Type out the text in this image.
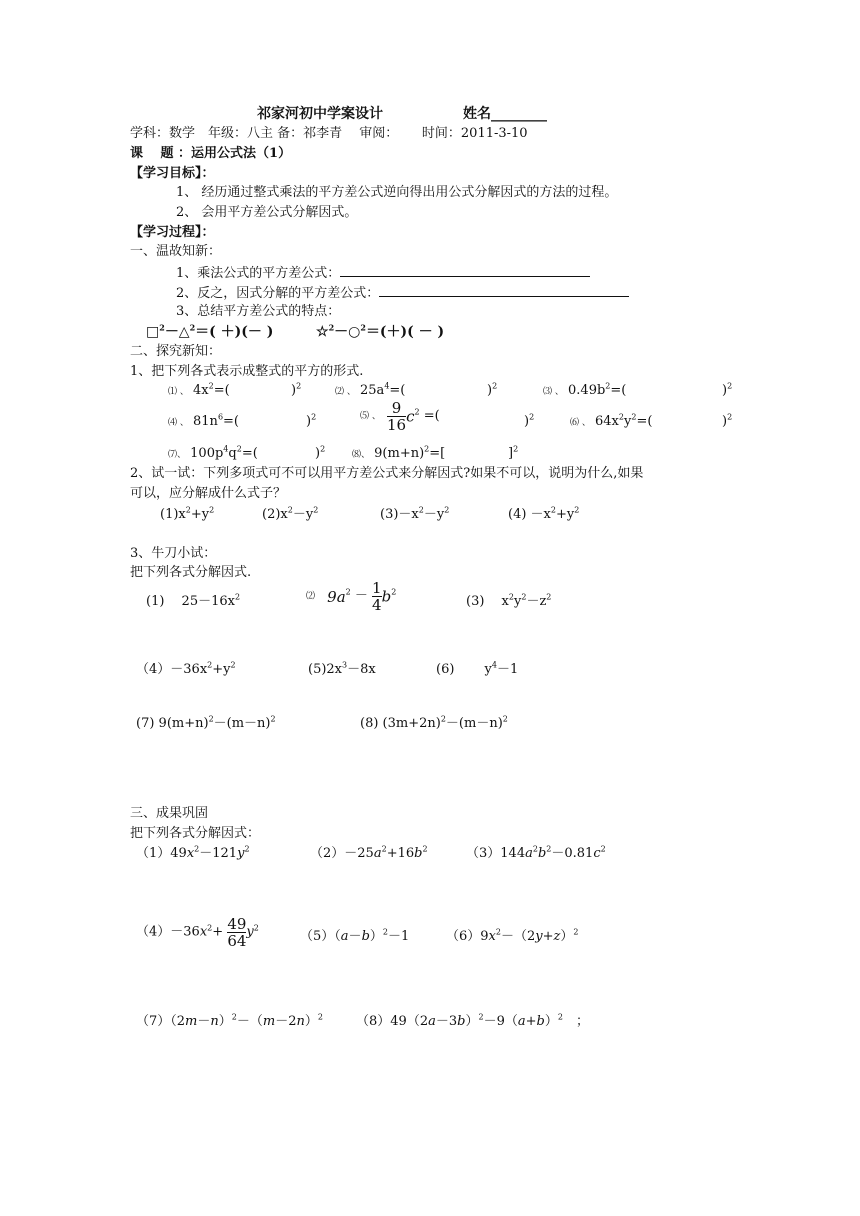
祁家河初中学案设计	姓名________
学科：数学　年级：八主 备：祁李青　 审阅：　　 时间：2011-3-10
课　 题 ：运用公式法（1）
【学习目标】：
1、 经历通过整式乘法的平方差公式逆向得出用公式分解因式的方法的过程。
2、 会用平方差公式分解因式。
【学习过程】：
一、温故知新：
1、乘法公式的平方差公式：
2、反之，因式分解的平方差公式：
3、总结平方差公式的特点：
□$^2$－△$^2$＝( ＋)(－ )	☆$^2$－○$^2$＝(＋)( － )
二、探究新知：
1、把下列各式表示成整式的平方的形式.
⑴ 、 $4x^2=$(	)$^2$
⑵ 、 $25a^4=$(	)$^2$
⑶ 、 $0.49b^2=$(	)$^2$
⑷ 、 $81n^6=$(	)$^2$	⑸ 、 $\frac{9}{16} c^2$ =(	)$^2$
⑹ 、 $64x^2y^2=$(	)$^2$
⑺、 $100p^4q^2=$(	)$^2$
⑻、 $9(m+n)^2=$[	]$^2$
2、试一试：下列多项式可不可以用平方差公式来分解因式?如果不可以，说明为什么,如果
可以，应分解成什么式子？
$(1)x^2+y^2$	$(2)x^2-y^2$	$(3)-x^2-y^2$	$(4) -x^2+y^2$
3、牛刀小试：
把下列各式分解因式.
(1)　 $25-16x^2$	⑵ $9a^2 - \frac{1}{4} b^2$
(3)　 $x^2y^2-z^2$
$(4)-36x^2+y^2$	$(5)2x^3-8x$	(6)　　 $y^4-1$
(7) $9(m+n)^2-(m-n)^2$	(8) $(3m+2n)^2-(m-n)^2$
三、成果巩固
把下列各式分解因式：
$(1)49x^2-121y^2$	$(2)-25a^2+16b^2$	$(3)144a^2b^2-0.81c^2$
$(4)-36x^2+ \frac{49}{64} y^2$
$(5)(a-b)^2-1$	$(6)9x^2-(2y+z)^2$
$(7)(2m-n)^2-(m-2n)^2$	$(8)49(2a-3b)^2-9(a+b)^2$　；
